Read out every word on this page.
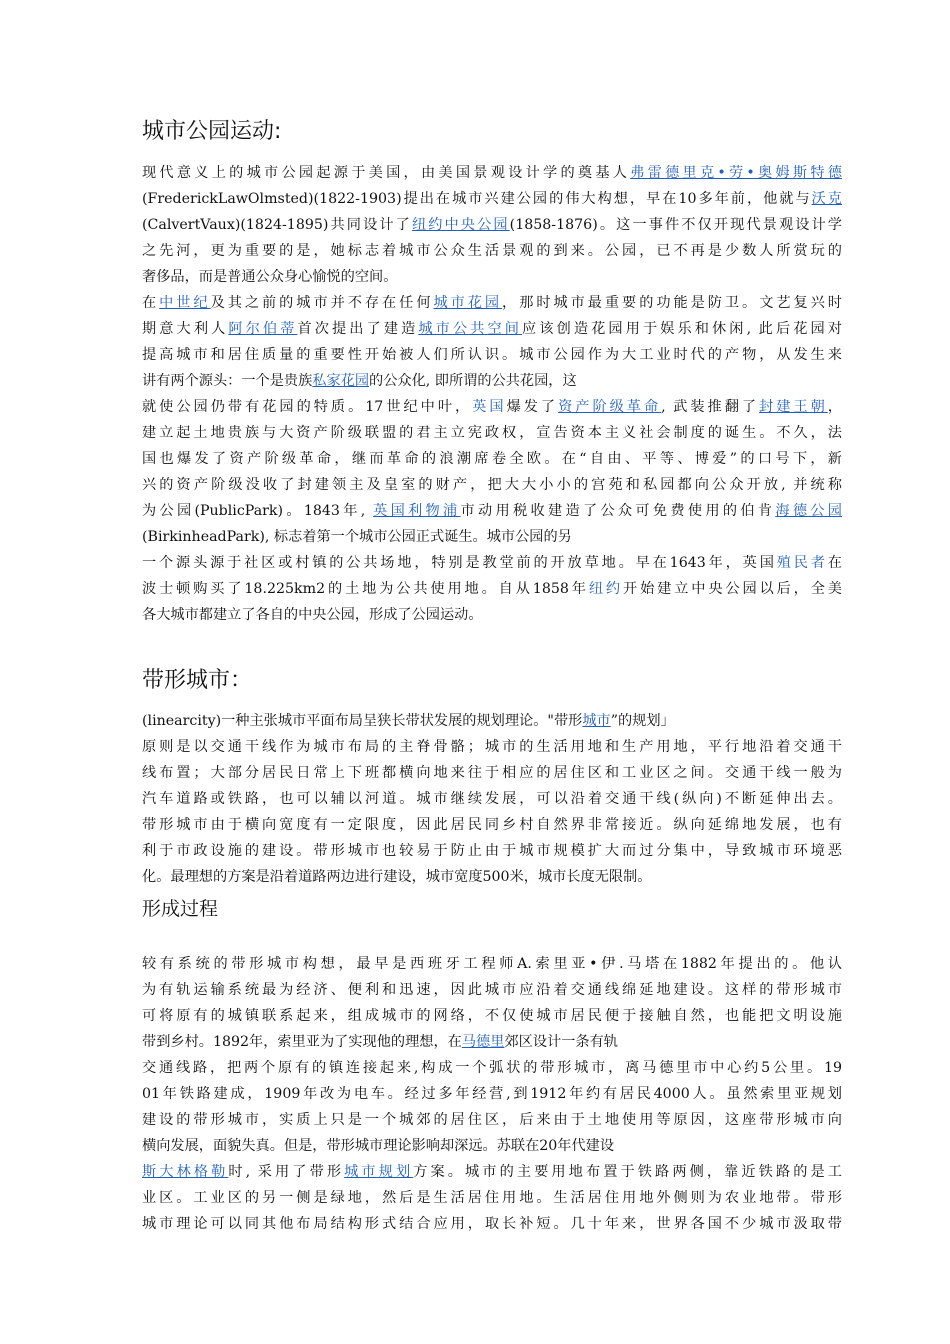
城市公园运动:
现代意义上的城市公园起源于美国，由美国景观设计学的奠基人弗雷德里克•劳•奥姆斯特德
(FrederickLawOlmsted)(1822-1903)提出在城市兴建公园的伟大构想，早在10多年前，他就与沃克
(CalvertVaux)(1824-1895)共同设计了纽约中央公园(1858-1876)。这一事件不仅开现代景观设计学
之先河，更为重要的是，她标志着城市公众生活景观的到来。公园，已不再是少数人所赏玩的
奢侈品，而是普通公众身心愉悦的空间。
在中世纪及其之前的城市并不存在任何城市花园，那时城市最重要的功能是防卫。文艺复兴时
期意大利人阿尔伯蒂首次提出了建造城市公共空间应该创造花园用于娱乐和休闲, 此后花园对
提高城市和居住质量的重要性开始被人们所认识。城市公园作为大工业时代的产物，从发生来
讲有两个源头：一个是贵族私家花园的公众化, 即所谓的公共花园，这
就使公园仍带有花园的特质。17世纪中叶，英国爆发了资产阶级革命, 武装推翻了封建王朝，
建立起土地贵族与大资产阶级联盟的君主立宪政权，宣告资本主义社会制度的诞生。不久，法
国也爆发了资产阶级革命，继而革命的浪潮席卷全欧。在“自由、平等、博爱”的口号下，新
兴的资产阶级没收了封建领主及皇室的财产，把大大小小的宫苑和私园都向公众开放, 并统称
为公园(PublicPark)。1843年, 英国利物浦市动用税收建造了公众可免费使用的伯肯海德公园
(BirkinheadPark), 标志着第一个城市公园正式诞生。城市公园的另
一个源头源于社区或村镇的公共场地，特别是教堂前的开放草地。早在1643年，英国殖民者在
波士顿购买了18.225km2的土地为公共使用地。自从1858年纽约开始建立中央公园以后，全美
各大城市都建立了各自的中央公园，形成了公园运动。
带形城市：
(linearcity)一种主张城市平面布局呈狭长带状发展的规划理论。"带形城市”的规划」
原则是以交通干线作为城市布局的主脊骨骼；城市的生活用地和生产用地，平行地沿着交通干
线布置；大部分居民日常上下班都横向地来往于相应的居住区和工业区之间。交通干线一般为
汽车道路或铁路，也可以辅以河道。城市继续发展，可以沿着交通干线(纵向)不断延伸出去。
带形城市由于横向宽度有一定限度，因此居民同乡村自然界非常接近。纵向延绵地发展，也有
利于市政设施的建设。带形城市也较易于防止由于城市规模扩大而过分集中，导致城市环境恶
化。最理想的方案是沿着道路两边进行建设，城市宽度500米，城市长度无限制。
形成过程
较有系统的带形城市构想，最早是西班牙工程师A.索里亚•伊.马塔在1882年提出的。他认
为有轨运输系统最为经济、便利和迅速，因此城市应沿着交通线绵延地建设。这样的带形城市
可将原有的城镇联系起来，组成城市的网络，不仅使城市居民便于接触自然，也能把文明设施
带到乡村。1892年，索里亚为了实现他的理想，在马德里郊区设计一条有轨
交通线路，把两个原有的镇连接起来,构成一个弧状的带形城市，离马德里市中心约5公里。19
01年铁路建成，1909年改为电车。经过多年经营,到1912年约有居民4000人。虽然索里亚规划
建设的带形城市，实质上只是一个城郊的居住区，后来由于土地使用等原因，这座带形城市向
横向发展，面貌失真。但是，带形城市理论影响却深远。苏联在20年代建设
斯大林格勒时, 采用了带形城市规划方案。城市的主要用地布置于铁路两侧，靠近铁路的是工
业区。工业区的另一侧是绿地，然后是生活居住用地。生活居住用地外侧则为农业地带。带形
城市理论可以同其他布局结构形式结合应用，取长补短。几十年来，世界各国不少城市汲取带
